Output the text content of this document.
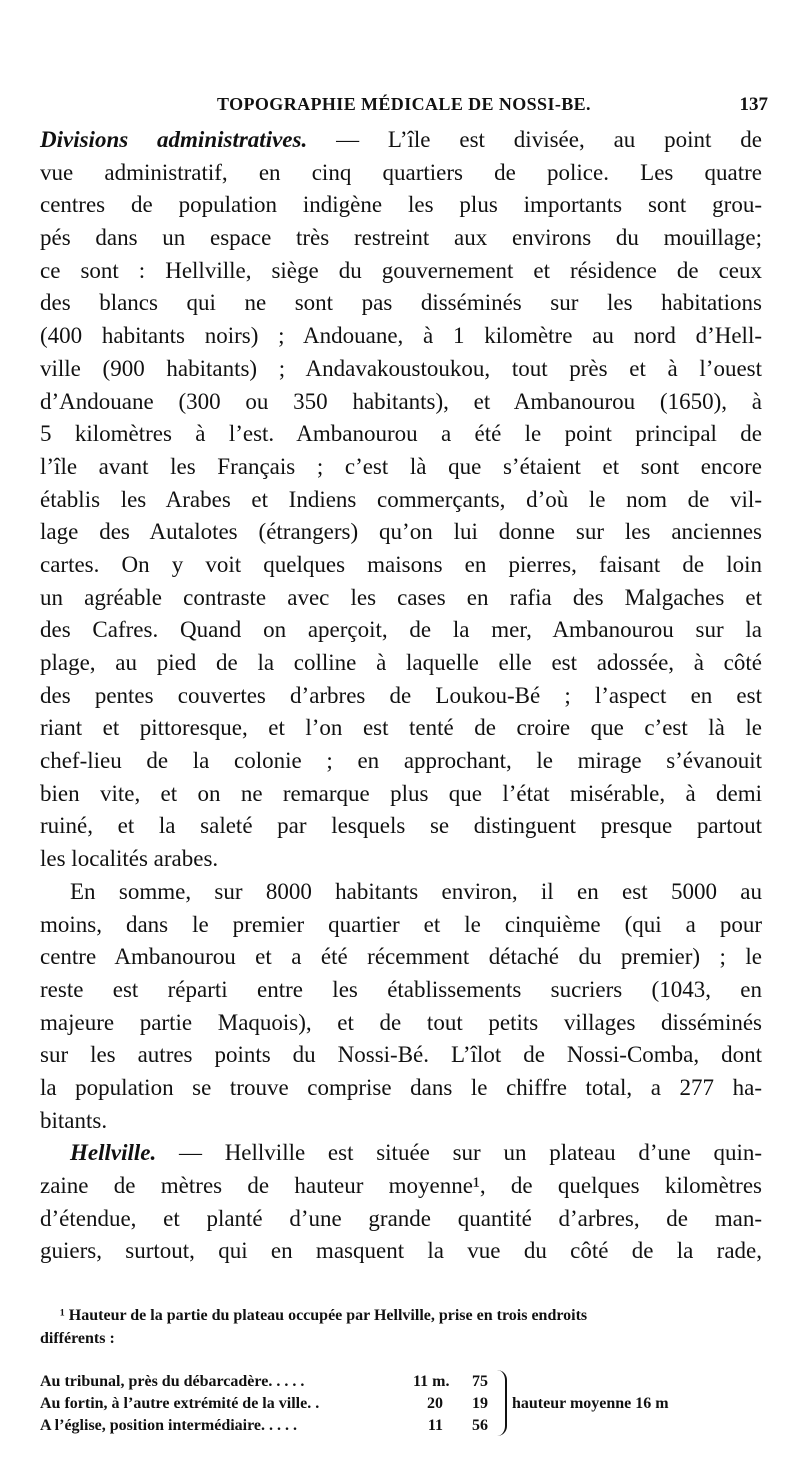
TOPOGRAPHIE MÉDICALE DE NOSSI-BE.	137
Divisions administratives. — L’île est divisée, au point de
vue administratif, en cinq quartiers de police. Les quatre
centres de population indigène les plus importants sont grou-
pés dans un espace très restreint aux environs du mouillage;
ce sont : Hellville, siège du gouvernement et résidence de ceux
des blancs qui ne sont pas disséminés sur les habitations
(400 habitants noirs) ; Andouane, à 1 kilomètre au nord d’Hell-
ville (900 habitants) ; Andavakoustoukou, tout près et à l’ouest
d’Andouane (300 ou 350 habitants), et Ambanourou (1650), à
5 kilomètres à l’est. Ambanourou a été le point principal de
l’île avant les Français ; c’est là que s’étaient et sont encore
établis les Arabes et Indiens commerçants, d’où le nom de vil-
lage des Autalotes (étrangers) qu’on lui donne sur les anciennes
cartes. On y voit quelques maisons en pierres, faisant de loin
un agréable contraste avec les cases en rafia des Malgaches et
des Cafres. Quand on aperçoit, de la mer, Ambanourou sur la
plage, au pied de la colline à laquelle elle est adossée, à côté
des pentes couvertes d’arbres de Loukou-Bé ; l’aspect en est
riant et pittoresque, et l’on est tenté de croire que c’est là le
chef-lieu de la colonie ; en approchant, le mirage s’évanouit
bien vite, et on ne remarque plus que l’état misérable, à demi
ruiné, et la saleté par lesquels se distinguent presque partout
les localités arabes.
En somme, sur 8000 habitants environ, il en est 5000 au
moins, dans le premier quartier et le cinquième (qui a pour
centre Ambanourou et a été récemment détaché du premier) ; le
reste est réparti entre les établissements sucriers (1043, en
majeure partie Maquois), et de tout petits villages disséminés
sur les autres points du Nossi-Bé. L’îlot de Nossi-Comba, dont
la population se trouve comprise dans le chiffre total, a 277 ha-
bitants.
Hellville. — Hellville est située sur un plateau d’une quin-
zaine de mètres de hauteur moyenne¹, de quelques kilomètres
d’étendue, et planté d’une grande quantité d’arbres, de man-
guiers, surtout, qui en masquent la vue du côté de la rade,
¹ Hauteur de la partie du plateau occupée par Hellville, prise en trois endroits
différents :
Au tribunal, près du débarcadère. . . . .	11 m.	75
Au fortin, à l’autre extrémité de la ville. .	20	19
A l’église, position intermédiaire. . . . .	11	56
hauteur moyenne 16 m
